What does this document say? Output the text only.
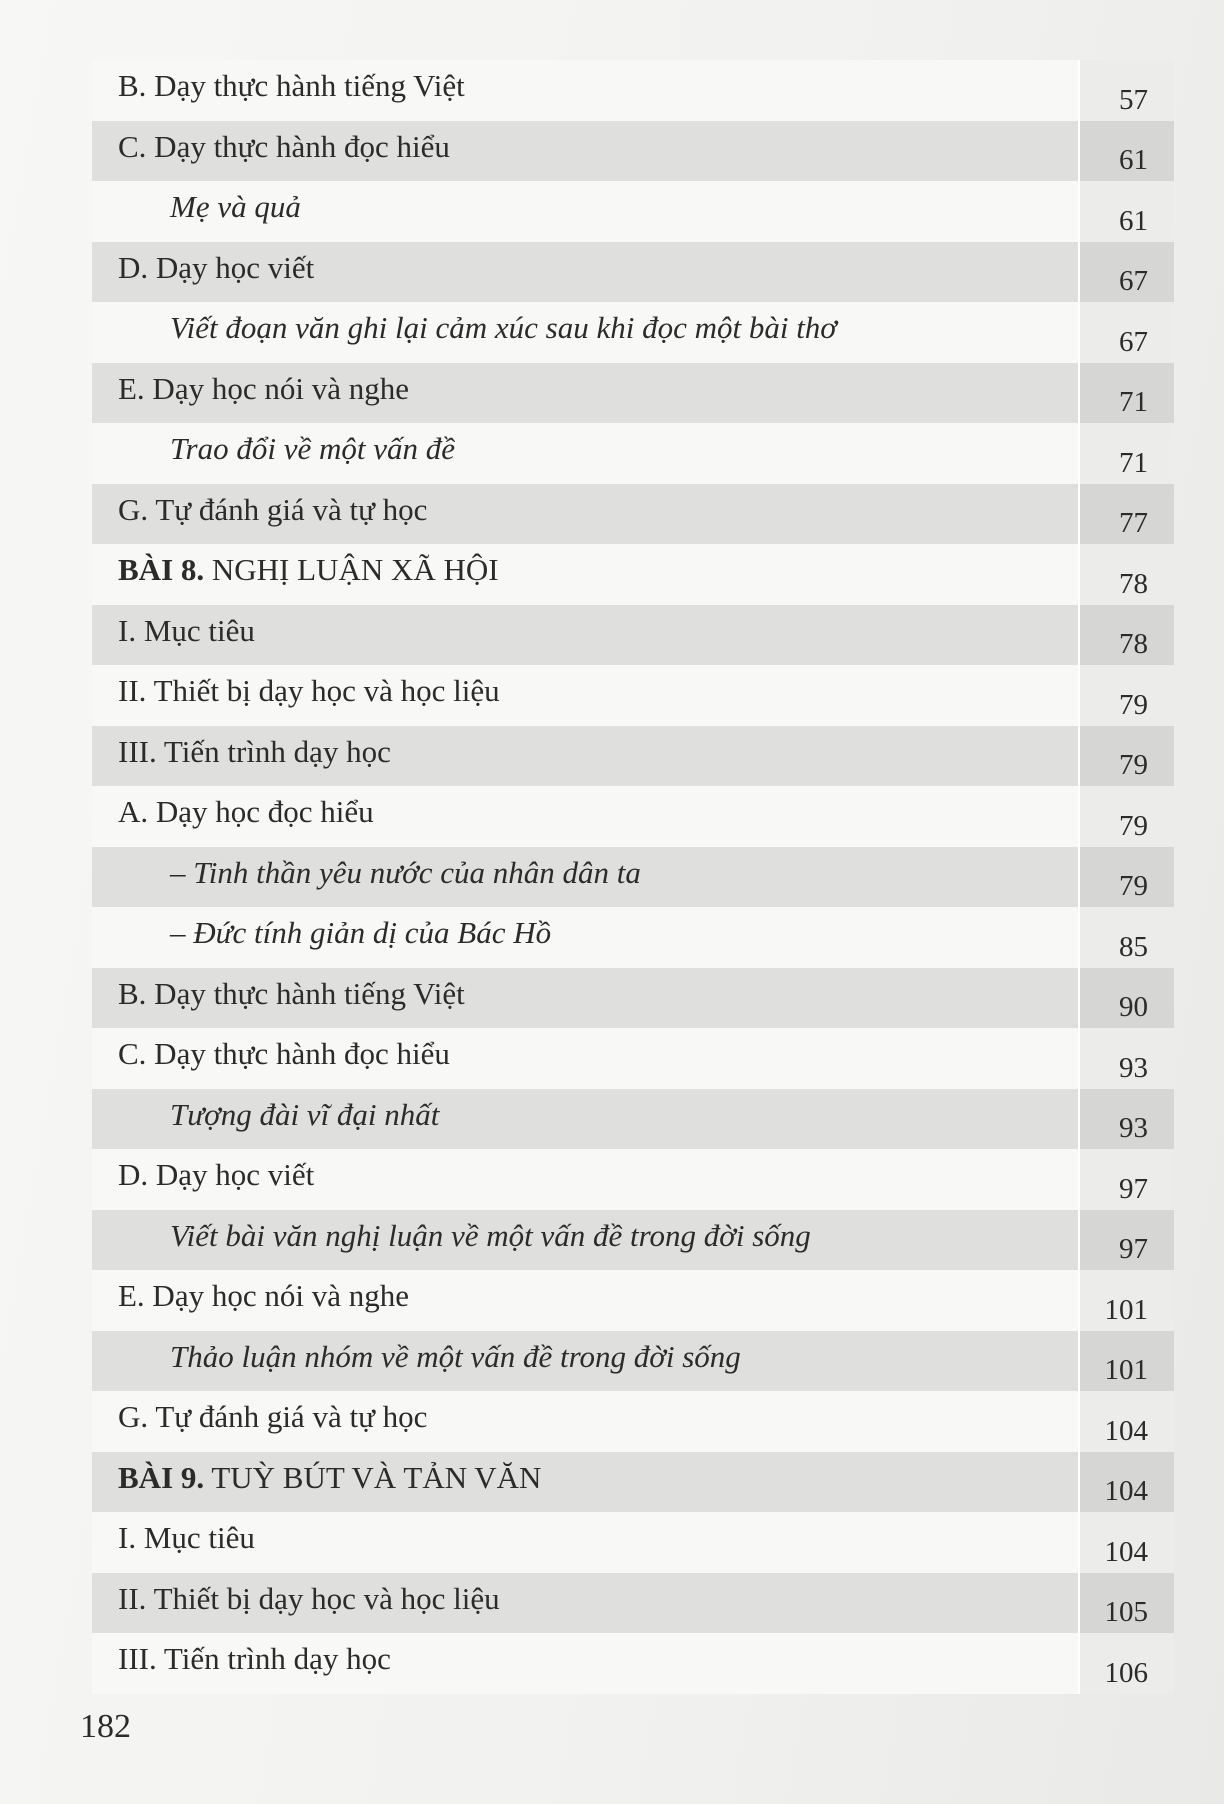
B. Dạy thực hành tiếng Việt	57
C. Dạy thực hành đọc hiểu	61
Mẹ và quả	61
D. Dạy học viết	67
Viết đoạn văn ghi lại cảm xúc sau khi đọc một bài thơ	67
E. Dạy học nói và nghe	71
Trao đổi về một vấn đề	71
G. Tự đánh giá và tự học	77
BÀI 8. NGHỊ LUẬN XÃ HỘI	78
I. Mục tiêu	78
II. Thiết bị dạy học và học liệu	79
III. Tiến trình dạy học	79
A. Dạy học đọc hiểu	79
– Tinh thần yêu nước của nhân dân ta	79
– Đức tính giản dị của Bác Hồ	85
B. Dạy thực hành tiếng Việt	90
C. Dạy thực hành đọc hiểu	93
Tượng đài vĩ đại nhất	93
D. Dạy học viết	97
Viết bài văn nghị luận về một vấn đề trong đời sống	97
E. Dạy học nói và nghe	101
Thảo luận nhóm về một vấn đề trong đời sống	101
G. Tự đánh giá và tự học	104
BÀI 9. TUỲ BÚT VÀ TẢN VĂN	104
I. Mục tiêu	104
II. Thiết bị dạy học và học liệu	105
III. Tiến trình dạy học	106
182
